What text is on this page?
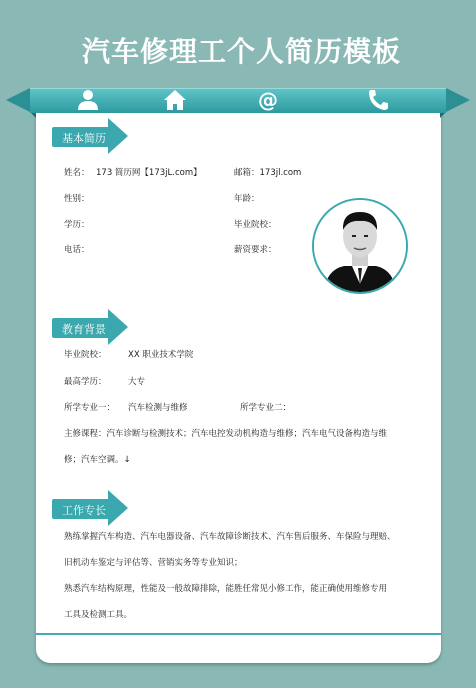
汽车修理工个人简历模板
@
基本简历
姓名： 173 简历网【173jL.com】	邮箱：173jl.com
性别：	年龄：
学历：	毕业院校：
电话：	薪资要求：
教育背景
毕业院校：	XX 职业技术学院
最高学历：	大专
所学专业一： 汽车检测与维修	所学专业二：
主修课程：汽车诊断与检测技术；汽车电控发动机构造与维修；汽车电气设备构造与维
修；汽车空调。↓
工作专长
熟练掌握汽车构造、汽车电器设备、汽车故障诊断技术、汽车售后服务、车保险与理赔、
旧机动车鉴定与评估等、营销实务等专业知识；
熟悉汽车结构原理，性能及一般故障排除，能胜任常见小修工作，能正确使用维修专用
工具及检测工具。
